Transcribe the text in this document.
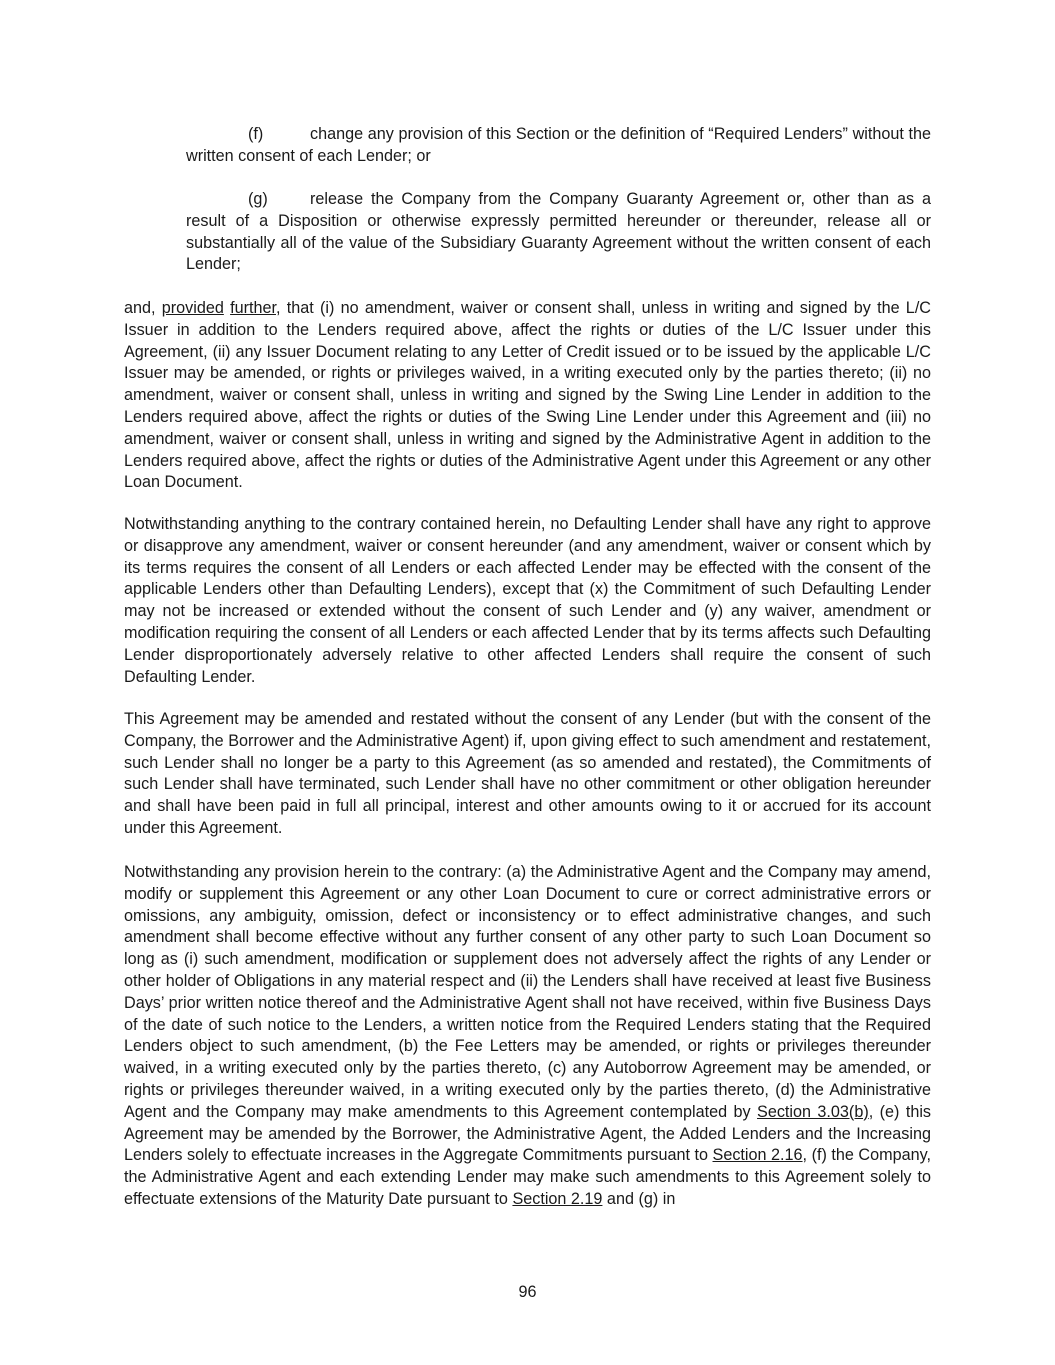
(f)	change any provision of this Section or the definition of “Required Lenders” without the written consent of each Lender; or

(g)	release the Company from the Company Guaranty Agreement or, other than as a result of a Disposition or otherwise expressly permitted hereunder or thereunder, release all or substantially all of the value of the Subsidiary Guaranty Agreement without the written consent of each Lender;

and, provided further, that (i) no amendment, waiver or consent shall, unless in writing and signed by the L/C Issuer in addition to the Lenders required above, affect the rights or duties of the L/C Issuer under this Agreement, (ii) any Issuer Document relating to any Letter of Credit issued or to be issued by the applicable L/C Issuer may be amended, or rights or privileges waived, in a writing executed only by the parties thereto; (ii) no amendment, waiver or consent shall, unless in writing and signed by the Swing Line Lender in addition to the Lenders required above, affect the rights or duties of the Swing Line Lender under this Agreement and (iii) no amendment, waiver or consent shall, unless in writing and signed by the Administrative Agent in addition to the Lenders required above, affect the rights or duties of the Administrative Agent under this Agreement or any other Loan Document.

Notwithstanding anything to the contrary contained herein, no Defaulting Lender shall have any right to approve or disapprove any amendment, waiver or consent hereunder (and any amendment, waiver or consent which by its terms requires the consent of all Lenders or each affected Lender may be effected with the consent of the applicable Lenders other than Defaulting Lenders), except that (x) the Commitment of such Defaulting Lender may not be increased or extended without the consent of such Lender and (y) any waiver, amendment or modification requiring the consent of all Lenders or each affected Lender that by its terms affects such Defaulting Lender disproportionately adversely relative to other affected Lenders shall require the consent of such Defaulting Lender.

This Agreement may be amended and restated without the consent of any Lender (but with the consent of the Company, the Borrower and the Administrative Agent) if, upon giving effect to such amendment and restatement, such Lender shall no longer be a party to this Agreement (as so amended and restated), the Commitments of such Lender shall have terminated, such Lender shall have no other commitment or other obligation hereunder and shall have been paid in full all principal, interest and other amounts owing to it or accrued for its account under this Agreement.

Notwithstanding any provision herein to the contrary: (a) the Administrative Agent and the Company may amend, modify or supplement this Agreement or any other Loan Document to cure or correct administrative errors or omissions, any ambiguity, omission, defect or inconsistency or to effect administrative changes, and such amendment shall become effective without any further consent of any other party to such Loan Document so long as (i) such amendment, modification or supplement does not adversely affect the rights of any Lender or other holder of Obligations in any material respect and (ii) the Lenders shall have received at least five Business Days’ prior written notice thereof and the Administrative Agent shall not have received, within five Business Days of the date of such notice to the Lenders, a written notice from the Required Lenders stating that the Required Lenders object to such amendment, (b) the Fee Letters may be amended, or rights or privileges thereunder waived, in a writing executed only by the parties thereto, (c) any Autoborrow Agreement may be amended, or rights or privileges thereunder waived, in a writing executed only by the parties thereto, (d) the Administrative Agent and the Company may make amendments to this Agreement contemplated by Section 3.03(b), (e) this Agreement may be amended by the Borrower, the Administrative Agent, the Added Lenders and the Increasing Lenders solely to effectuate increases in the Aggregate Commitments pursuant to Section 2.16, (f) the Company, the Administrative Agent and each extending Lender may make such amendments to this Agreement solely to effectuate extensions of the Maturity Date pursuant to Section 2.19 and (g) in

96
